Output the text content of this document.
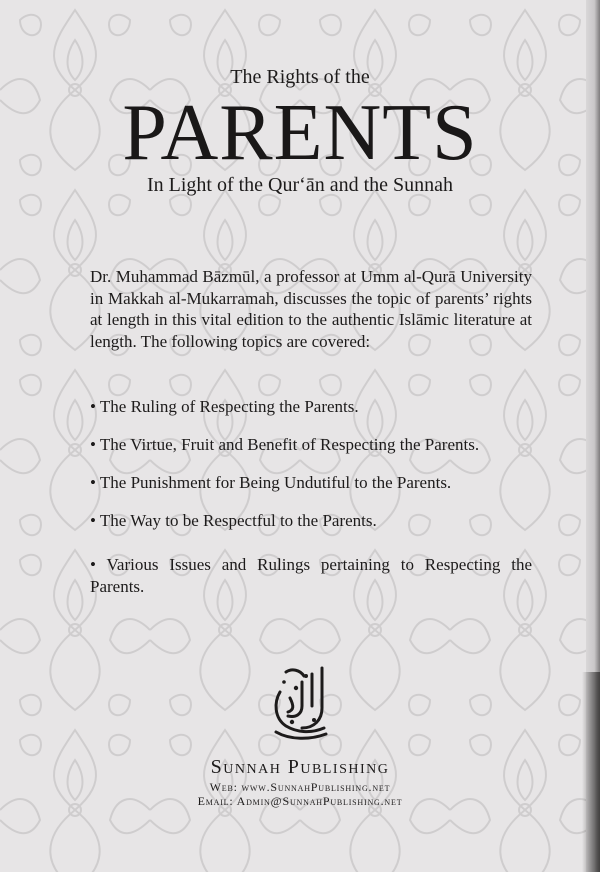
The Rights of the
PARENTS
In Light of the Qur‘ān and the Sunnah

Dr. Muhammad Bāzmūl, a professor at Umm al-Qurā University in Makkah al-Mukarramah, discusses the topic of parents’ rights at length in this vital edition to the authentic Islāmic literature at length. The following topics are covered:

• The Ruling of Respecting the Parents.
• The Virtue, Fruit and Benefit of Respecting the Parents.
• The Punishment for Being Undutiful to the Parents.
• The Way to be Respectful to the Parents.
• Various Issues and Rulings pertaining to Respecting the Parents.
Sunnah Publishing
Web: www.SunnahPublishing.net
Email: Admin@SunnahPublishing.net
